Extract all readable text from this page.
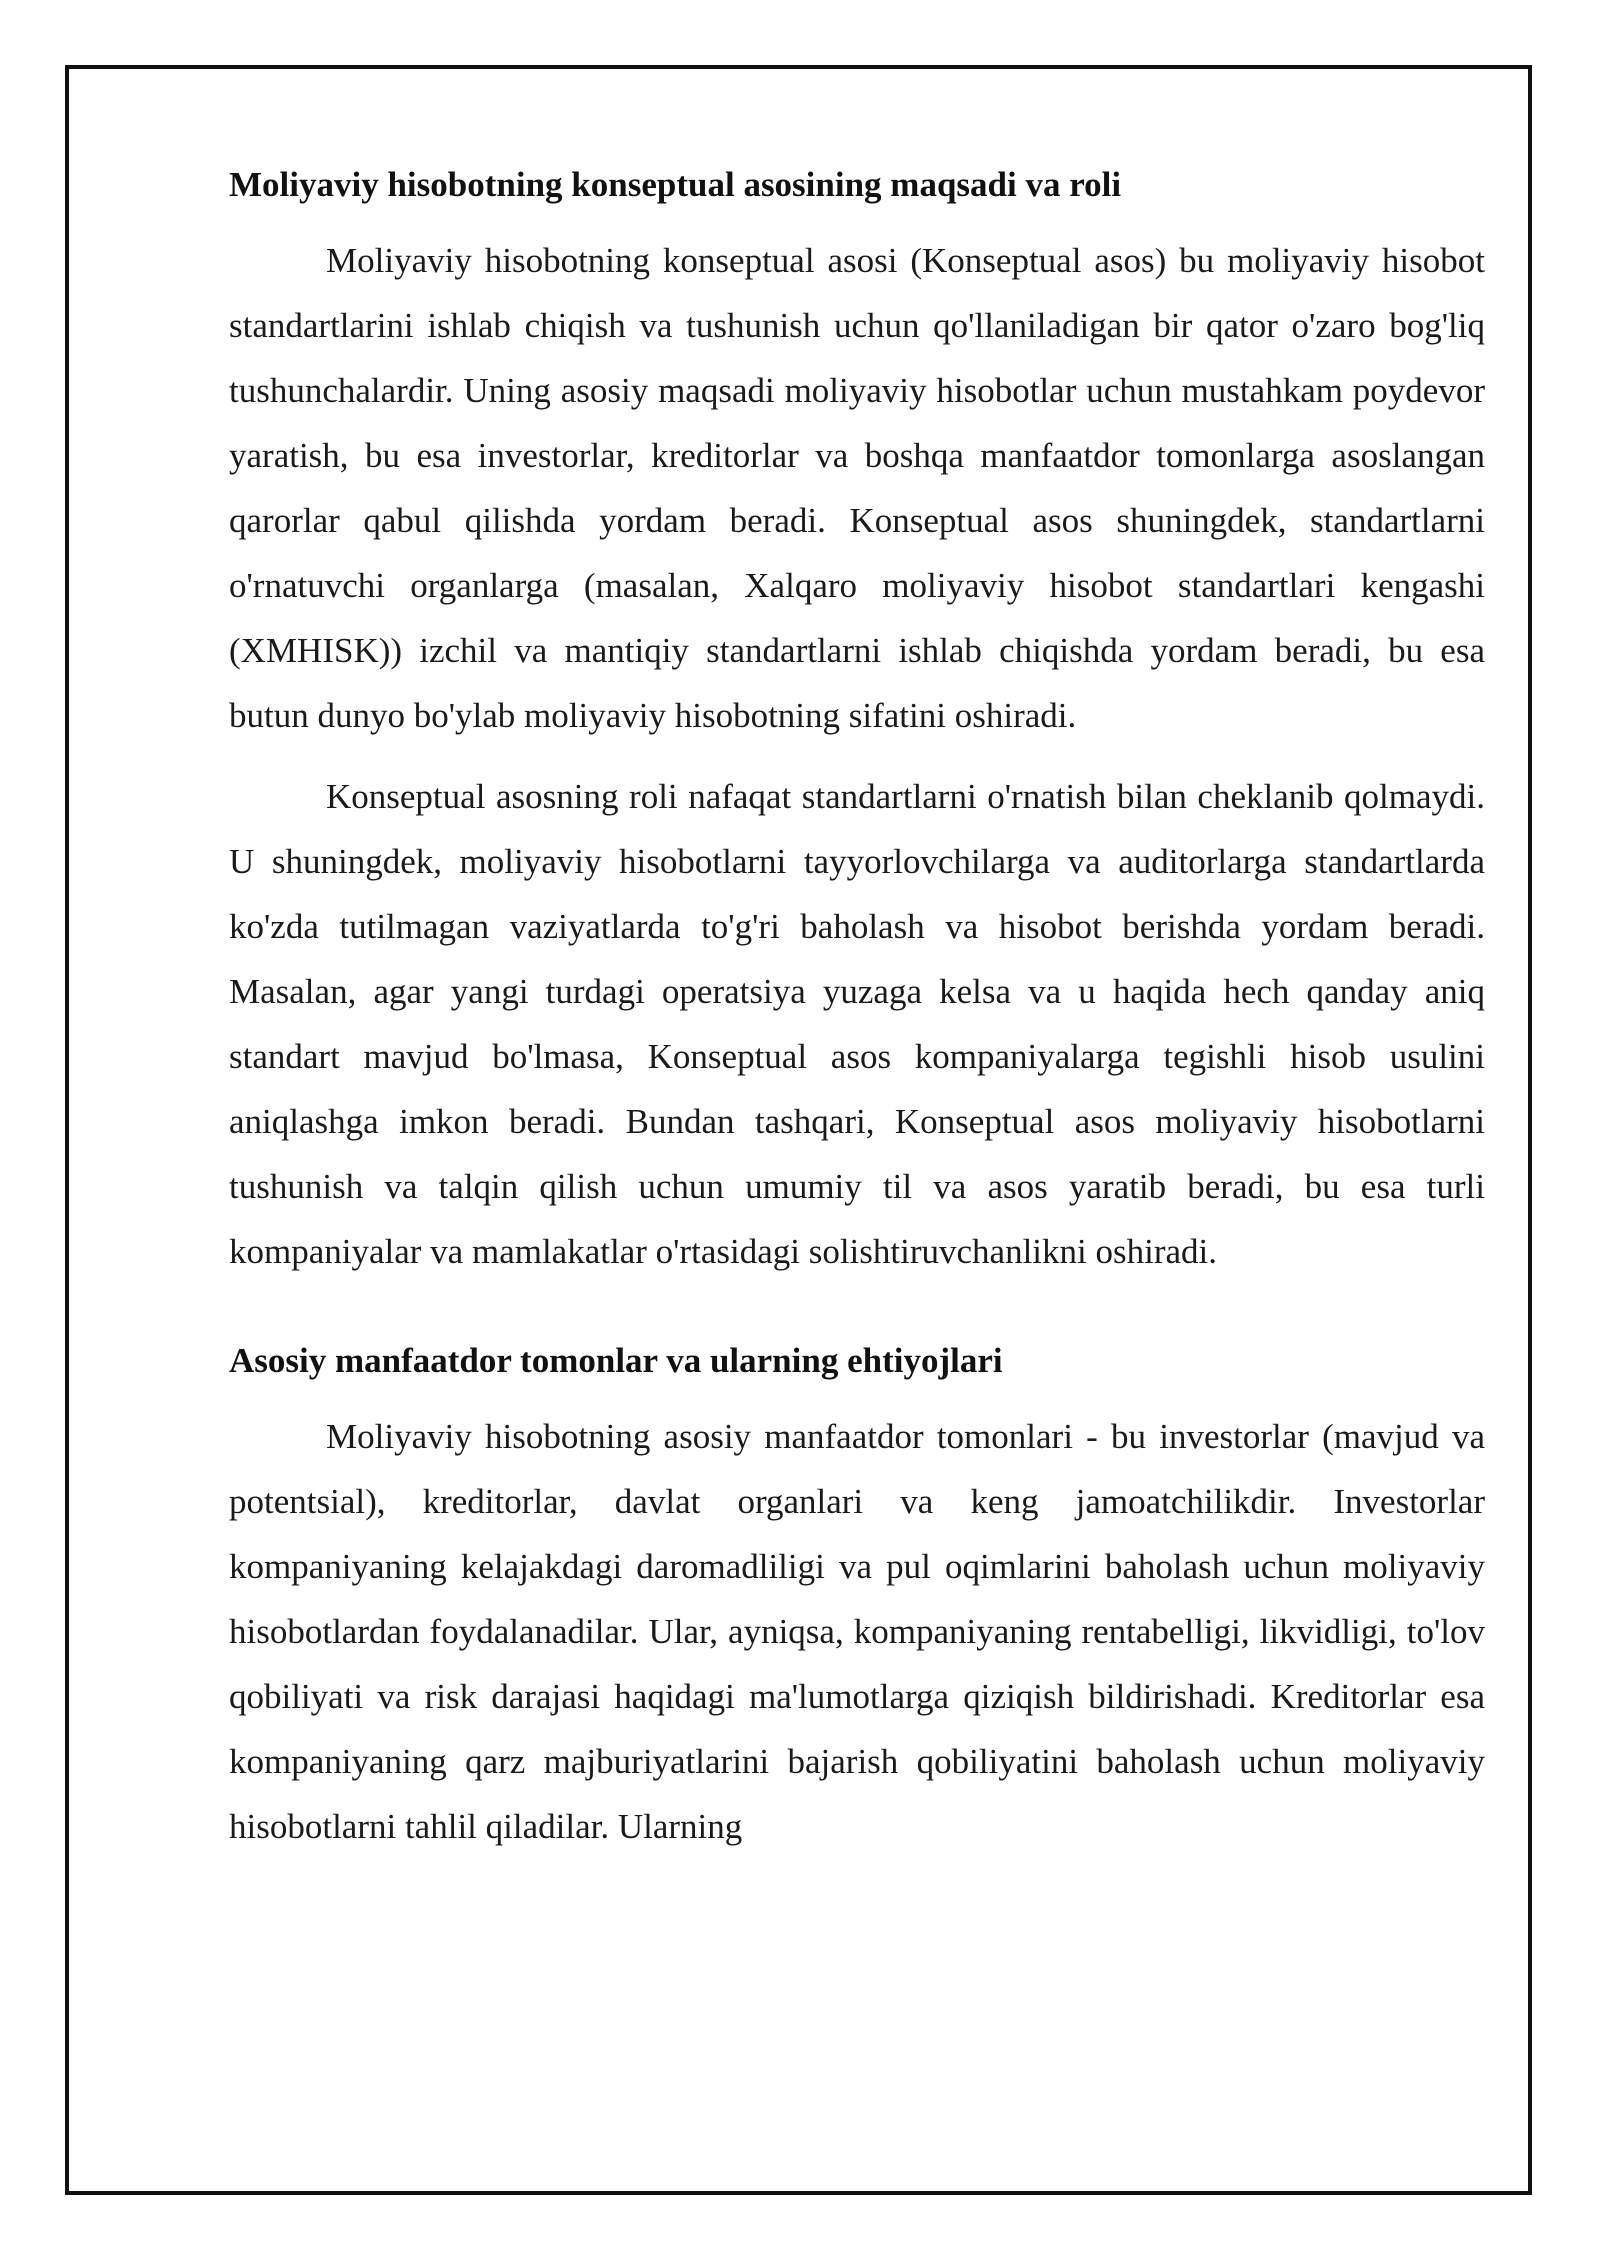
Moliyaviy hisobotning konseptual asosining maqsadi va roli

Moliyaviy hisobotning konseptual asosi (Konseptual asos) bu moliyaviy hisobot standartlarini ishlab chiqish va tushunish uchun qo'llaniladigan bir qator o'zaro bog'liq tushunchalardir. Uning asosiy maqsadi moliyaviy hisobotlar uchun mustahkam poydevor yaratish, bu esa investorlar, kreditorlar va boshqa manfaatdor tomonlarga asoslangan qarorlar qabul qilishda yordam beradi. Konseptual asos shuningdek, standartlarni o'rnatuvchi organlarga (masalan, Xalqaro moliyaviy hisobot standartlari kengashi (XMHISK)) izchil va mantiqiy standartlarni ishlab chiqishda yordam beradi, bu esa butun dunyo bo'ylab moliyaviy hisobotning sifatini oshiradi.

Konseptual asosning roli nafaqat standartlarni o'rnatish bilan cheklanib qolmaydi. U shuningdek, moliyaviy hisobotlarni tayyorlovchilarga va auditorlarga standartlarda ko'zda tutilmagan vaziyatlarda to'g'ri baholash va hisobot berishda yordam beradi. Masalan, agar yangi turdagi operatsiya yuzaga kelsa va u haqida hech qanday aniq standart mavjud bo'lmasa, Konseptual asos kompaniyalarga tegishli hisob usulini aniqlashga imkon beradi. Bundan tashqari, Konseptual asos moliyaviy hisobotlarni tushunish va talqin qilish uchun umumiy til va asos yaratib beradi, bu esa turli kompaniyalar va mamlakatlar o'rtasidagi solishtiruvchanlikni oshiradi.

Asosiy manfaatdor tomonlar va ularning ehtiyojlari

Moliyaviy hisobotning asosiy manfaatdor tomonlari - bu investorlar (mavjud va potentsial), kreditorlar, davlat organlari va keng jamoatchilikdir. Investorlar kompaniyaning kelajakdagi daromadliligi va pul oqimlarini baholash uchun moliyaviy hisobotlardan foydalanadilar. Ular, ayniqsa, kompaniyaning rentabelligi, likvidligi, to'lov qobiliyati va risk darajasi haqidagi ma'lumotlarga qiziqish bildirishadi. Kreditorlar esa kompaniyaning qarz majburiyatlarini bajarish qobiliyatini baholash uchun moliyaviy hisobotlarni tahlil qiladilar. Ularning
